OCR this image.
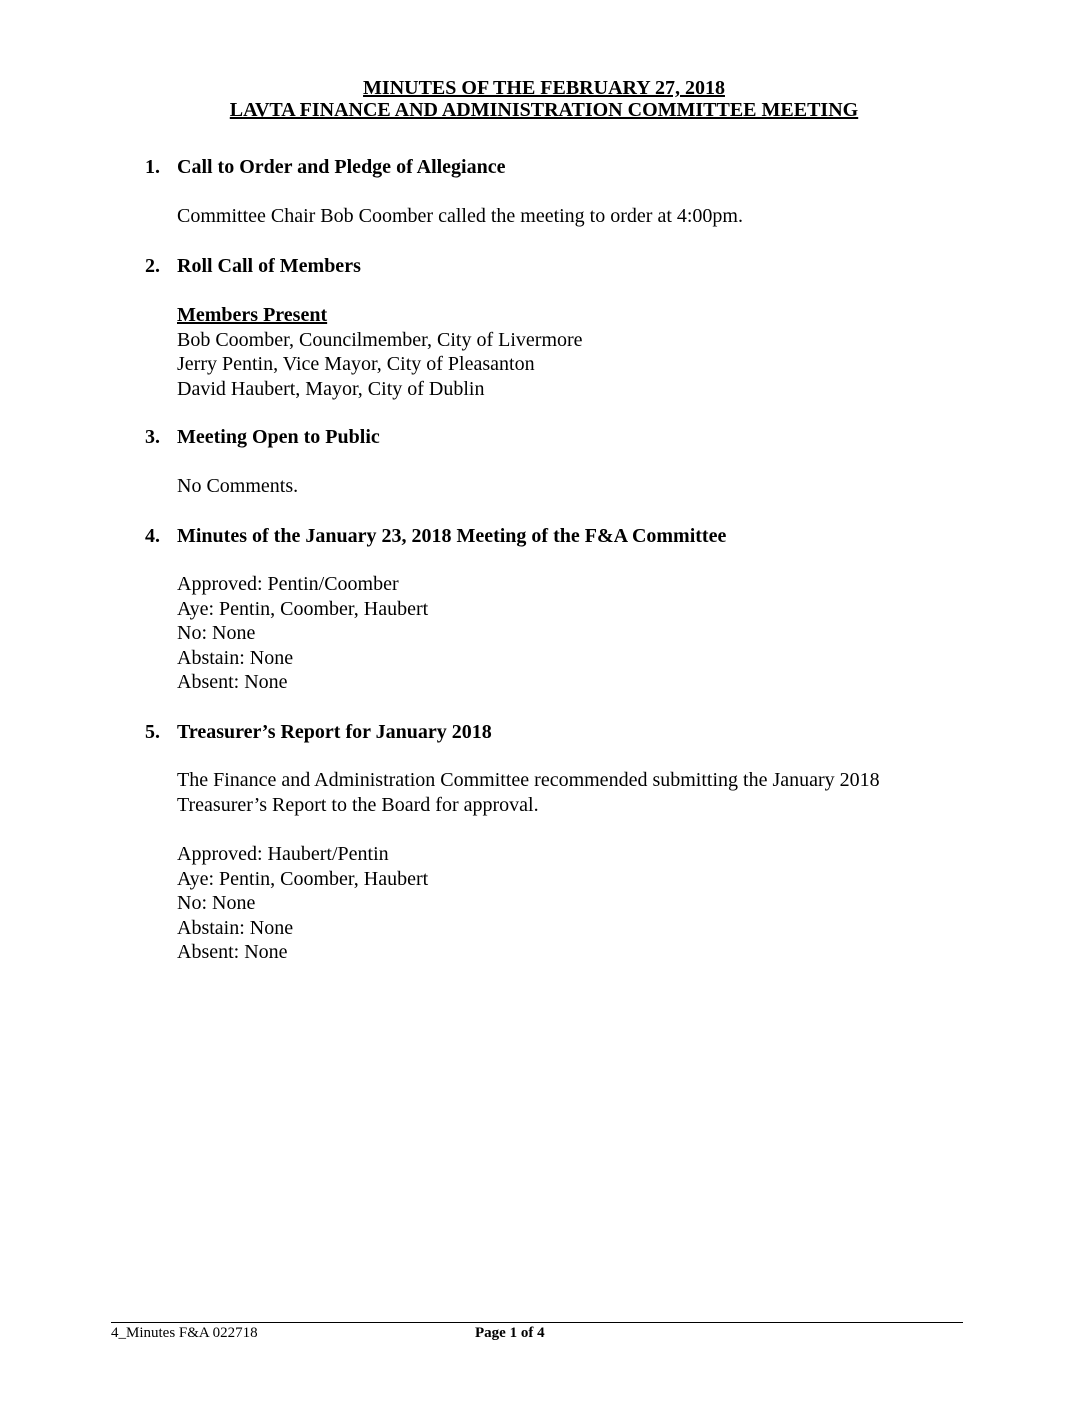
MINUTES OF THE FEBRUARY 27, 2018
LAVTA FINANCE AND ADMINISTRATION COMMITTEE MEETING
1. Call to Order and Pledge of Allegiance
Committee Chair Bob Coomber called the meeting to order at 4:00pm.
2. Roll Call of Members
Members Present
Bob Coomber, Councilmember, City of Livermore
Jerry Pentin, Vice Mayor, City of Pleasanton
David Haubert, Mayor, City of Dublin
3. Meeting Open to Public
No Comments.
4. Minutes of the January 23, 2018 Meeting of the F&A Committee
Approved: Pentin/Coomber
Aye: Pentin, Coomber, Haubert
No: None
Abstain: None
Absent: None
5. Treasurer’s Report for January 2018
The Finance and Administration Committee recommended submitting the January 2018
Treasurer’s Report to the Board for approval.
Approved: Haubert/Pentin
Aye: Pentin, Coomber, Haubert
No: None
Abstain: None
Absent: None
4_Minutes F&A 022718	Page 1 of 4
